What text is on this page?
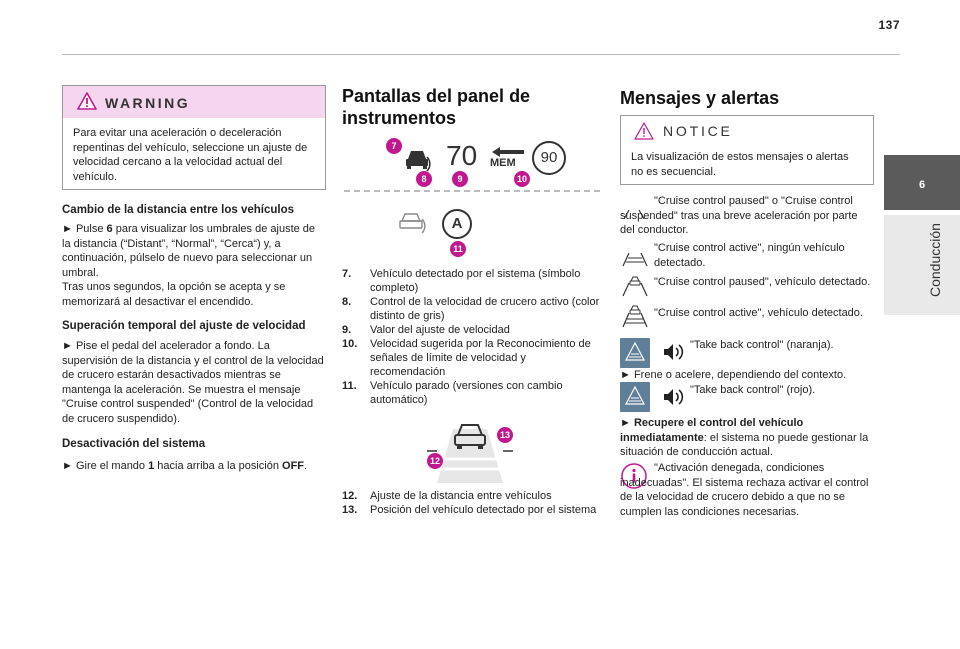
137
6
Conducción
WARNING
Para evitar una aceleración o deceleración repentinas del vehículo, seleccione un ajuste de velocidad cercano a la velocidad actual del vehículo.
Cambio de la distancia entre los vehículos
► Pulse 6 para visualizar los umbrales de ajuste de la distancia (“Distant”, “Normal”, “Cerca“) y, a continuación, púlselo de nuevo para seleccionar un umbral.
Tras unos segundos, la opción se acepta y se memorizará al desactivar el encendido.
Superación temporal del ajuste de velocidad
► Pise el pedal del acelerador a fondo. La supervisión de la distancia y el control de la velocidad de crucero estarán desactivados mientras se mantenga la aceleración. Se muestra el mensaje "Cruise control suspended" (Control de la velocidad de crucero suspendido).
Desactivación del sistema
► Gire el mando 1 hacia arriba a la posición OFF.
Pantallas del panel de
instrumentos
70 MEM	90
7
8	9	10
A
11
7.	Vehículo detectado por el sistema (símbolo completo)
8.	Control de la velocidad de crucero activo (color distinto de gris)
9.	Valor del ajuste de velocidad
10.	Velocidad sugerida por la Reconocimiento de señales de límite de velocidad y recomendación
11.	Vehículo parado (versiones con cambio automático)
13
12
12.	Ajuste de la distancia entre vehículos
13.	Posición del vehículo detectado por el sistema
Mensajes y alertas
NOTICE
La visualización de estos mensajes o alertas no es secuencial.
"Cruise control paused" o "Cruise control suspended" tras una breve aceleración por parte del conductor.
"Cruise control active", ningún vehículo detectado.
"Cruise control paused", vehículo detectado.
"Cruise control active", vehículo detectado.
"Take back control" (naranja).
► Frene o acelere, dependiendo del contexto.
"Take back control" (rojo).
► Recupere el control del vehículo inmediatamente: el sistema no puede gestionar la situación de conducción actual.
"Activación denegada, condiciones inadecuadas". El sistema rechaza activar el control de la velocidad de crucero debido a que no se cumplen las condiciones necesarias.
